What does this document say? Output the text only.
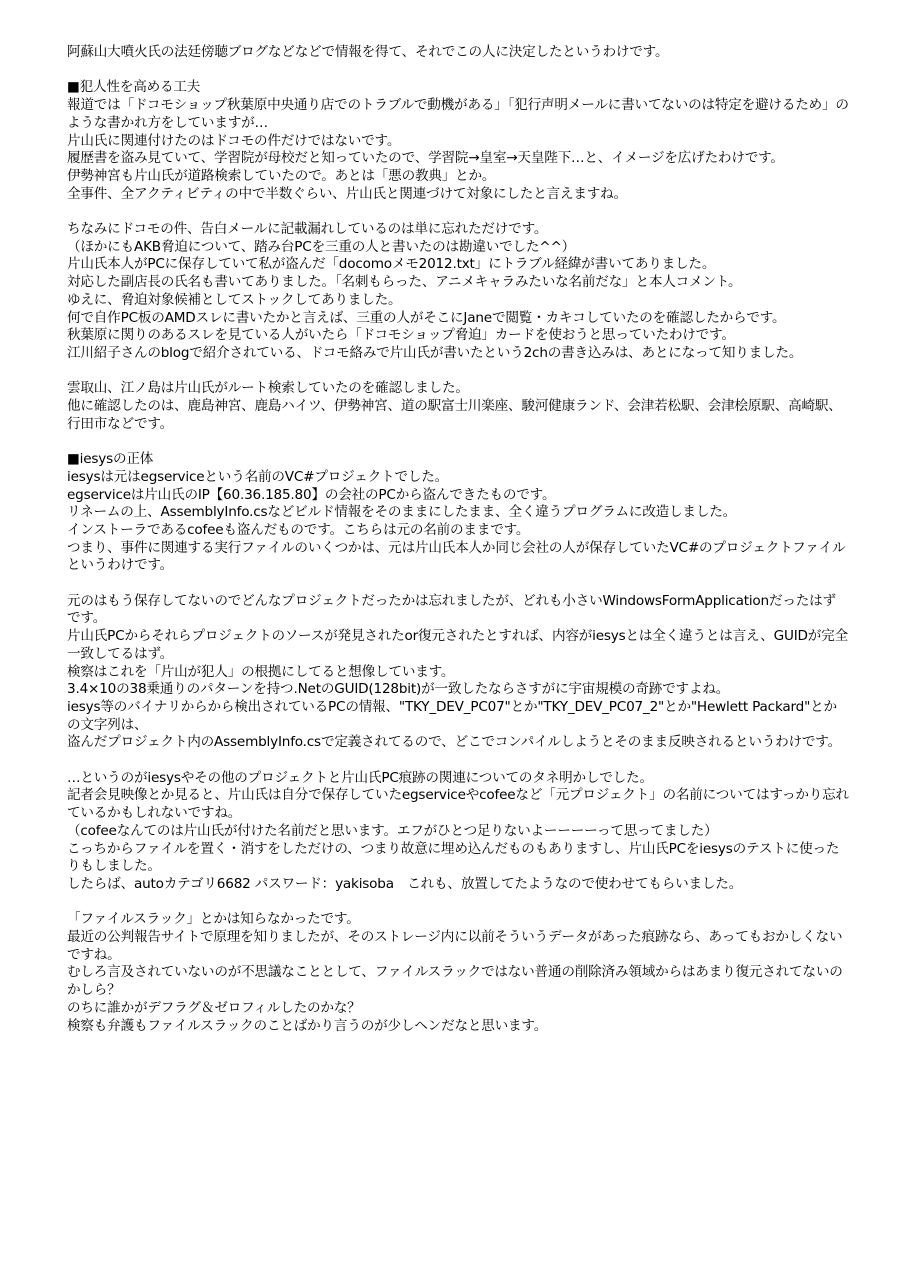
阿蘇山大噴火氏の法廷傍聴ブログなどなどで情報を得て、それでこの人に決定したというわけです。

■犯人性を高める工夫

報道では「ドコモショップ秋葉原中央通り店でのトラブルで動機がある」「犯行声明メールに書いてないのは特定を避けるため」のような書かれ方をしていますが…

片山氏に関連付けたのはドコモの件だけではないです。

履歴書を盗み見ていて、学習院が母校だと知っていたので、学習院→皇室→天皇陛下…と、イメージを広げたわけです。

伊勢神宮も片山氏が道路検索していたので。あとは「悪の教典」とか。

全事件、全アクティビティの中で半数ぐらい、片山氏と関連づけて対象にしたと言えますね。

ちなみにドコモの件、告白メールに記載漏れしているのは単に忘れただけです。

（ほかにもAKB脅迫について、踏み台PCを三重の人と書いたのは勘違いでした^^）

片山氏本人がPCに保存していて私が盗んだ「docomoメモ2012.txt」にトラブル経緯が書いてありました。

対応した副店長の氏名も書いてありました。「名刺もらった、アニメキャラみたいな名前だな」と本人コメント。

ゆえに、脅迫対象候補としてストックしてありました。

何で自作PC板のAMDスレに書いたかと言えば、三重の人がそこにJaneで閲覧・カキコしていたのを確認したからです。

秋葉原に関りのあるスレを見ている人がいたら「ドコモショップ脅迫」カードを使おうと思っていたわけです。

江川紹子さんのblogで紹介されている、ドコモ絡みで片山氏が書いたという2chの書き込みは、あとになって知りました。

雲取山、江ノ島は片山氏がルート検索していたのを確認しました。

他に確認したのは、鹿島神宮、鹿島ハイツ、伊勢神宮、道の駅富士川楽座、駿河健康ランド、会津若松駅、会津桧原駅、高崎駅、行田市などです。

■iesysの正体

iesysは元はegserviceという名前のVC#プロジェクトでした。

egserviceは片山氏のIP【60.36.185.80】の会社のPCから盗んできたものです。

リネームの上、AssemblyInfo.csなどビルド情報をそのままにしたまま、全く違うプログラムに改造しました。

インストーラであるcofeeも盗んだものです。こちらは元の名前のままです。

つまり、事件に関連する実行ファイルのいくつかは、元は片山氏本人か同じ会社の人が保存していたVC#のプロジェクトファイルというわけです。

元のはもう保存してないのでどんなプロジェクトだったかは忘れましたが、どれも小さいWindowsFormApplicationだったはずです。

片山氏PCからそれらプロジェクトのソースが発見されたor復元されたとすれば、内容がiesysとは全く違うとは言え、GUIDが完全一致してるはず。

検察はこれを「片山が犯人」の根拠にしてると想像しています。

3.4×10の38乗通りのパターンを持つ.NetのGUID(128bit)が一致したならさすがに宇宙規模の奇跡ですよね。

iesys等のバイナリからから検出されているPCの情報、"TKY_DEV_PC07"とか"TKY_DEV_PC07_2"とか"Hewlett Packard"とかの文字列は、

盗んだプロジェクト内のAssemblyInfo.csで定義されてるので、どこでコンパイルしようとそのまま反映されるというわけです。

…というのがiesysやその他のプロジェクトと片山氏PC痕跡の関連についてのタネ明かしでした。

記者会見映像とか見ると、片山氏は自分で保存していたegserviceやcofeeなど「元プロジェクト」の名前についてはすっかり忘れているかもしれないですね。

（cofeeなんてのは片山氏が付けた名前だと思います。エフがひとつ足りないよーーーーって思ってました）

こっちからファイルを置く・消すをしただけの、つまり故意に埋め込んだものもありますし、片山氏PCをiesysのテストに使ったりもしました。

したらば、autoカテゴリ6682 パスワード：yakisoba　これも、放置してたようなので使わせてもらいました。

「ファイルスラック」とかは知らなかったです。

最近の公判報告サイトで原理を知りましたが、そのストレージ内に以前そういうデータがあった痕跡なら、あってもおかしくないですね。

むしろ言及されていないのが不思議なこととして、ファイルスラックではない普通の削除済み領域からはあまり復元されてないのかしら？

のちに誰かがデフラグ＆ゼロフィルしたのかな？

検察も弁護もファイルスラックのことばかり言うのが少しヘンだなと思います。
